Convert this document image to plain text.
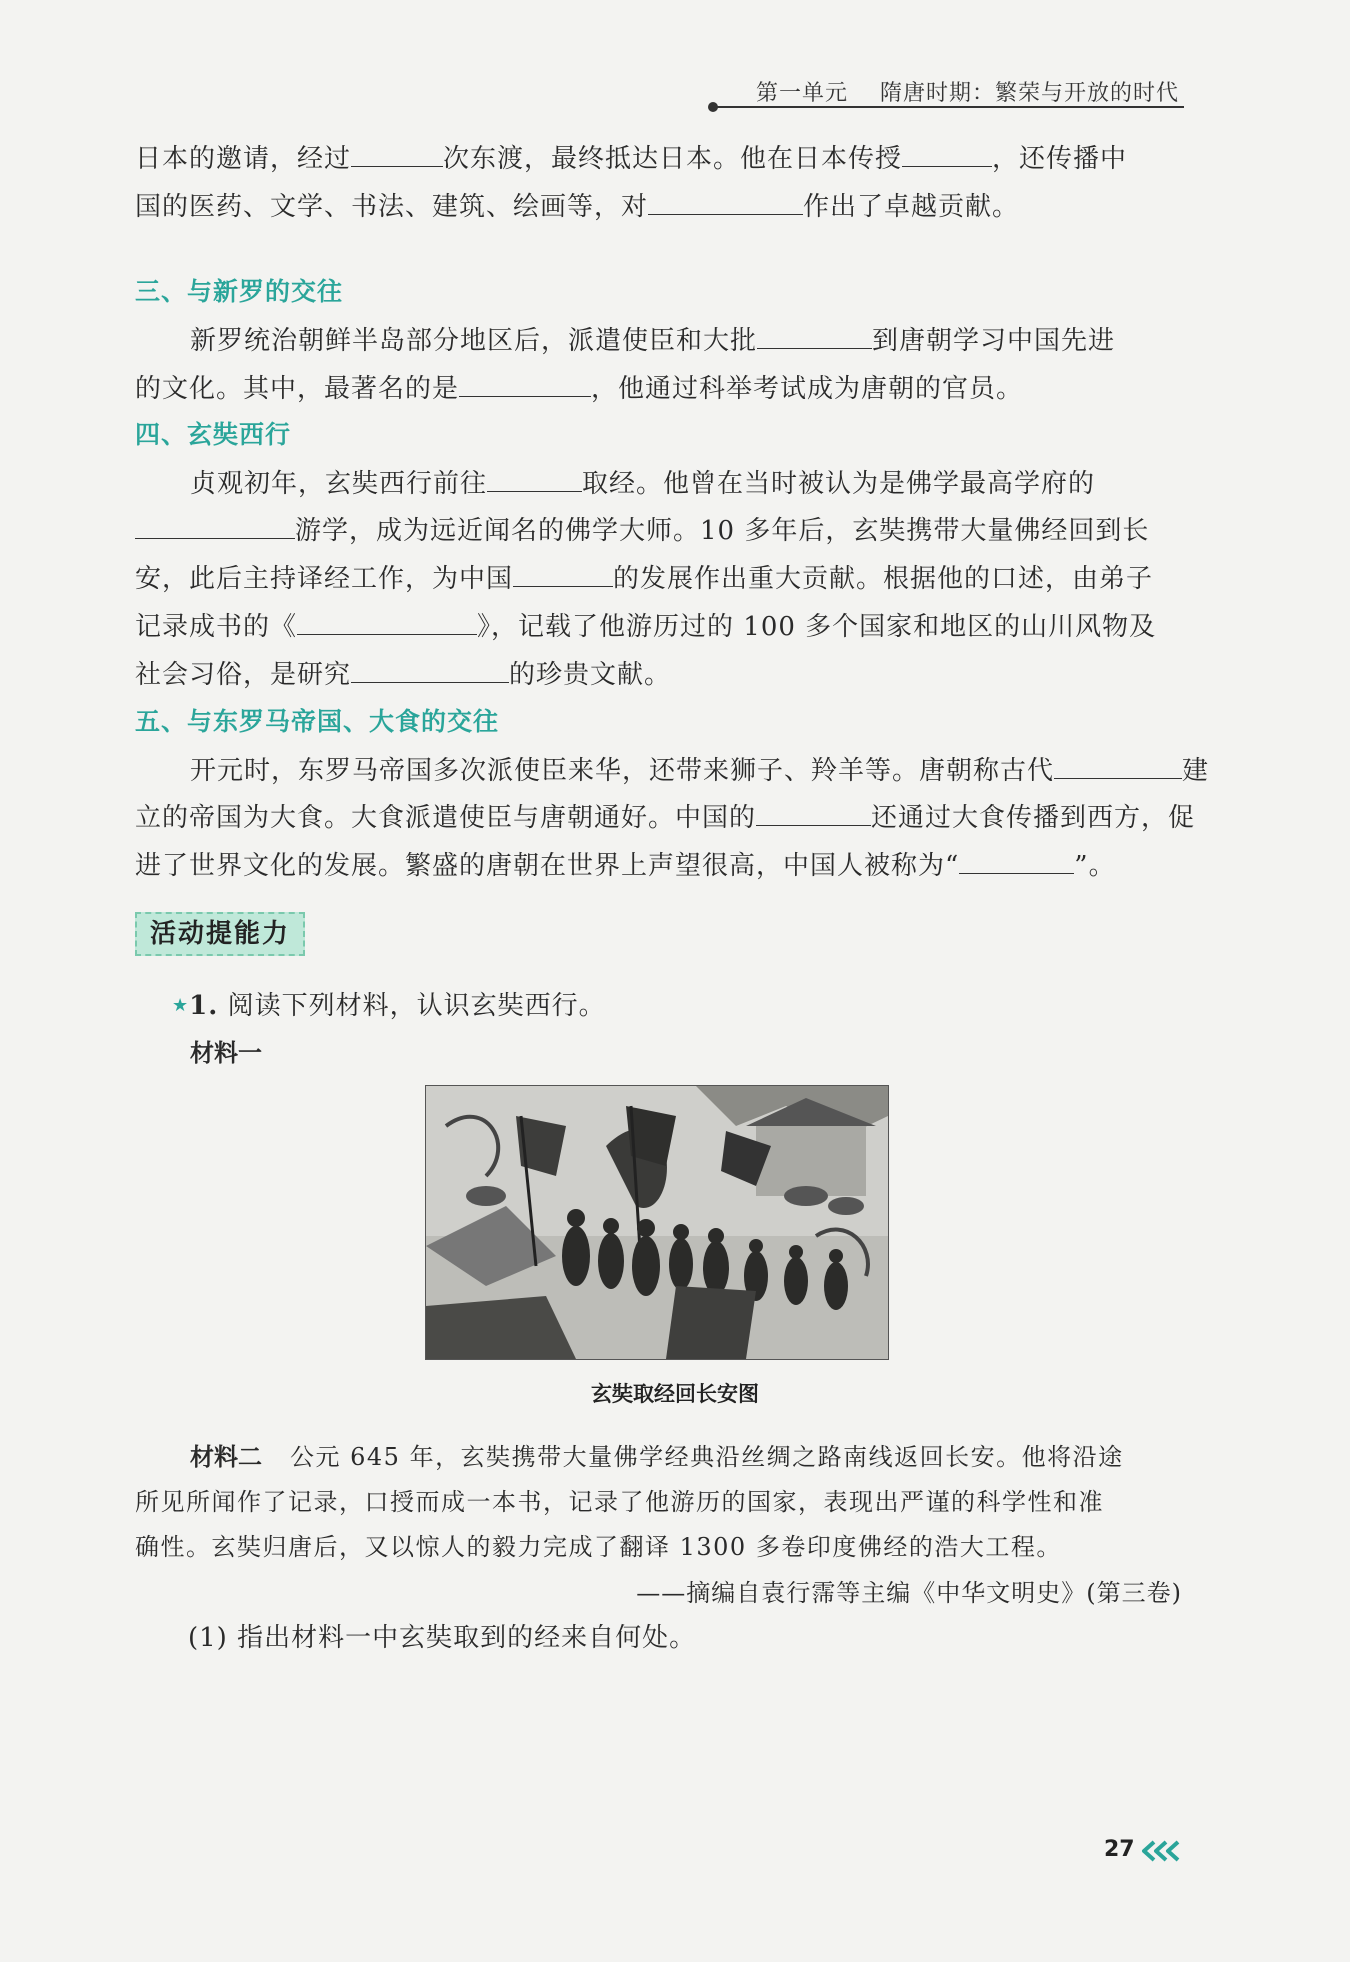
第一单元 隋唐时期：繁荣与开放的时代
日本的邀请，经过	次东渡，最终抵达日本。他在日本传授	，还传播中
国的医药、文学、书法、建筑、绘画等，对	作出了卓越贡献。
三、与新罗的交往
新罗统治朝鲜半岛部分地区后，派遣使臣和大批	到唐朝学习中国先进
的文化。其中，最著名的是	，他通过科举考试成为唐朝的官员。
四、玄奘西行
贞观初年，玄奘西行前往	取经。他曾在当时被认为是佛学最高学府的
游学，成为远近闻名的佛学大师。10 多年后，玄奘携带大量佛经回到长
安，此后主持译经工作，为中国	的发展作出重大贡献。根据他的口述，由弟子
记录成书的《	》，记载了他游历过的 100 多个国家和地区的山川风物及
社会习俗，是研究	的珍贵文献。
五、与东罗马帝国、大食的交往
开元时，东罗马帝国多次派使臣来华，还带来狮子、羚羊等。唐朝称古代	建
立的帝国为大食。大食派遣使臣与唐朝通好。中国的	还通过大食传播到西方，促
进了世界文化的发展。繁盛的唐朝在世界上声望很高，中国人被称为“	”。
活动提能力
★1. 阅读下列材料，认识玄奘西行。
材料一
玄奘取经回长安图
材料二 公元 645 年，玄奘携带大量佛学经典沿丝绸之路南线返回长安。他将沿途
所见所闻作了记录，口授而成一本书，记录了他游历的国家，表现出严谨的科学性和准
确性。玄奘归唐后，又以惊人的毅力完成了翻译 1300 多卷印度佛经的浩大工程。
——摘编自袁行霈等主编《中华文明史》(第三卷)
(1) 指出材料一中玄奘取到的经来自何处。
27
